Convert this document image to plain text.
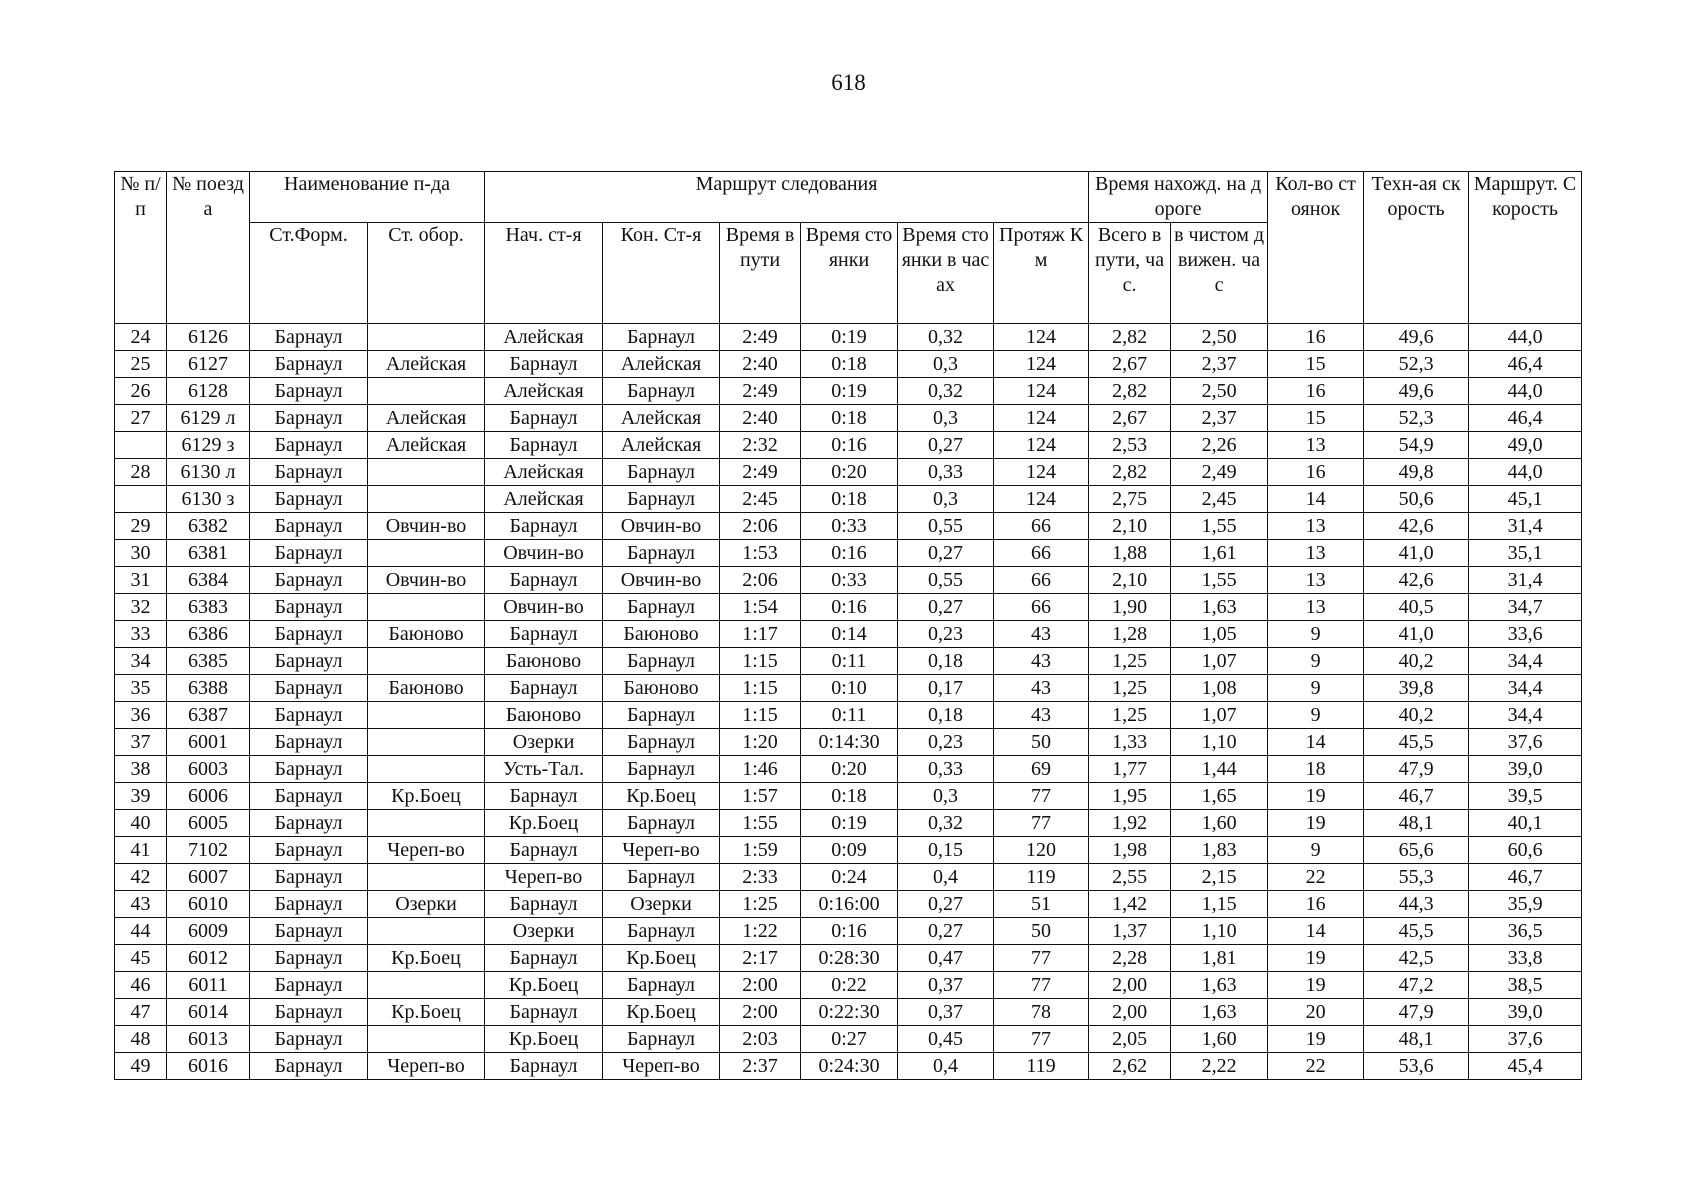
618
№ п/п	№ поезда	Наименование п-да		Маршрут следования						Время нахожд. на дороге		Кол-во стоянок	Техн-ая скорость	Маршрут. Скорость
		Ст.Форм.	Ст. обор.	Нач. ст-я	Кон. Ст-я	Время в пути	Время стоянки	Время стоянки в часах	Протяж Км	Всего в пути, час.	в чистом движен. час			
24	6126	Барнаул		Алейская	Барнаул	2:49	0:19	0,32	124	2,82	2,50	16	49,6	44,0
25	6127	Барнаул	Алейская	Барнаул	Алейская	2:40	0:18	0,3	124	2,67	2,37	15	52,3	46,4
26	6128	Барнаул		Алейская	Барнаул	2:49	0:19	0,32	124	2,82	2,50	16	49,6	44,0
27	6129 л	Барнаул	Алейская	Барнаул	Алейская	2:40	0:18	0,3	124	2,67	2,37	15	52,3	46,4
	6129 з	Барнаул	Алейская	Барнаул	Алейская	2:32	0:16	0,27	124	2,53	2,26	13	54,9	49,0
28	6130 л	Барнаул		Алейская	Барнаул	2:49	0:20	0,33	124	2,82	2,49	16	49,8	44,0
	6130 з	Барнаул		Алейская	Барнаул	2:45	0:18	0,3	124	2,75	2,45	14	50,6	45,1
29	6382	Барнаул	Овчин-во	Барнаул	Овчин-во	2:06	0:33	0,55	66	2,10	1,55	13	42,6	31,4
30	6381	Барнаул		Овчин-во	Барнаул	1:53	0:16	0,27	66	1,88	1,61	13	41,0	35,1
31	6384	Барнаул	Овчин-во	Барнаул	Овчин-во	2:06	0:33	0,55	66	2,10	1,55	13	42,6	31,4
32	6383	Барнаул		Овчин-во	Барнаул	1:54	0:16	0,27	66	1,90	1,63	13	40,5	34,7
33	6386	Барнаул	Баюново	Барнаул	Баюново	1:17	0:14	0,23	43	1,28	1,05	9	41,0	33,6
34	6385	Барнаул		Баюново	Барнаул	1:15	0:11	0,18	43	1,25	1,07	9	40,2	34,4
35	6388	Барнаул	Баюново	Барнаул	Баюново	1:15	0:10	0,17	43	1,25	1,08	9	39,8	34,4
36	6387	Барнаул		Баюново	Барнаул	1:15	0:11	0,18	43	1,25	1,07	9	40,2	34,4
37	6001	Барнаул		Озерки	Барнаул	1:20	0:14:30	0,23	50	1,33	1,10	14	45,5	37,6
38	6003	Барнаул		Усть-Тал.	Барнаул	1:46	0:20	0,33	69	1,77	1,44	18	47,9	39,0
39	6006	Барнаул	Кр.Боец	Барнаул	Кр.Боец	1:57	0:18	0,3	77	1,95	1,65	19	46,7	39,5
40	6005	Барнаул		Кр.Боец	Барнаул	1:55	0:19	0,32	77	1,92	1,60	19	48,1	40,1
41	7102	Барнаул	Череп-во	Барнаул	Череп-во	1:59	0:09	0,15	120	1,98	1,83	9	65,6	60,6
42	6007	Барнаул		Череп-во	Барнаул	2:33	0:24	0,4	119	2,55	2,15	22	55,3	46,7
43	6010	Барнаул	Озерки	Барнаул	Озерки	1:25	0:16:00	0,27	51	1,42	1,15	16	44,3	35,9
44	6009	Барнаул		Озерки	Барнаул	1:22	0:16	0,27	50	1,37	1,10	14	45,5	36,5
45	6012	Барнаул	Кр.Боец	Барнаул	Кр.Боец	2:17	0:28:30	0,47	77	2,28	1,81	19	42,5	33,8
46	6011	Барнаул		Кр.Боец	Барнаул	2:00	0:22	0,37	77	2,00	1,63	19	47,2	38,5
47	6014	Барнаул	Кр.Боец	Барнаул	Кр.Боец	2:00	0:22:30	0,37	78	2,00	1,63	20	47,9	39,0
48	6013	Барнаул		Кр.Боец	Барнаул	2:03	0:27	0,45	77	2,05	1,60	19	48,1	37,6
49	6016	Барнаул	Череп-во	Барнаул	Череп-во	2:37	0:24:30	0,4	119	2,62	2,22	22	53,6	45,4
